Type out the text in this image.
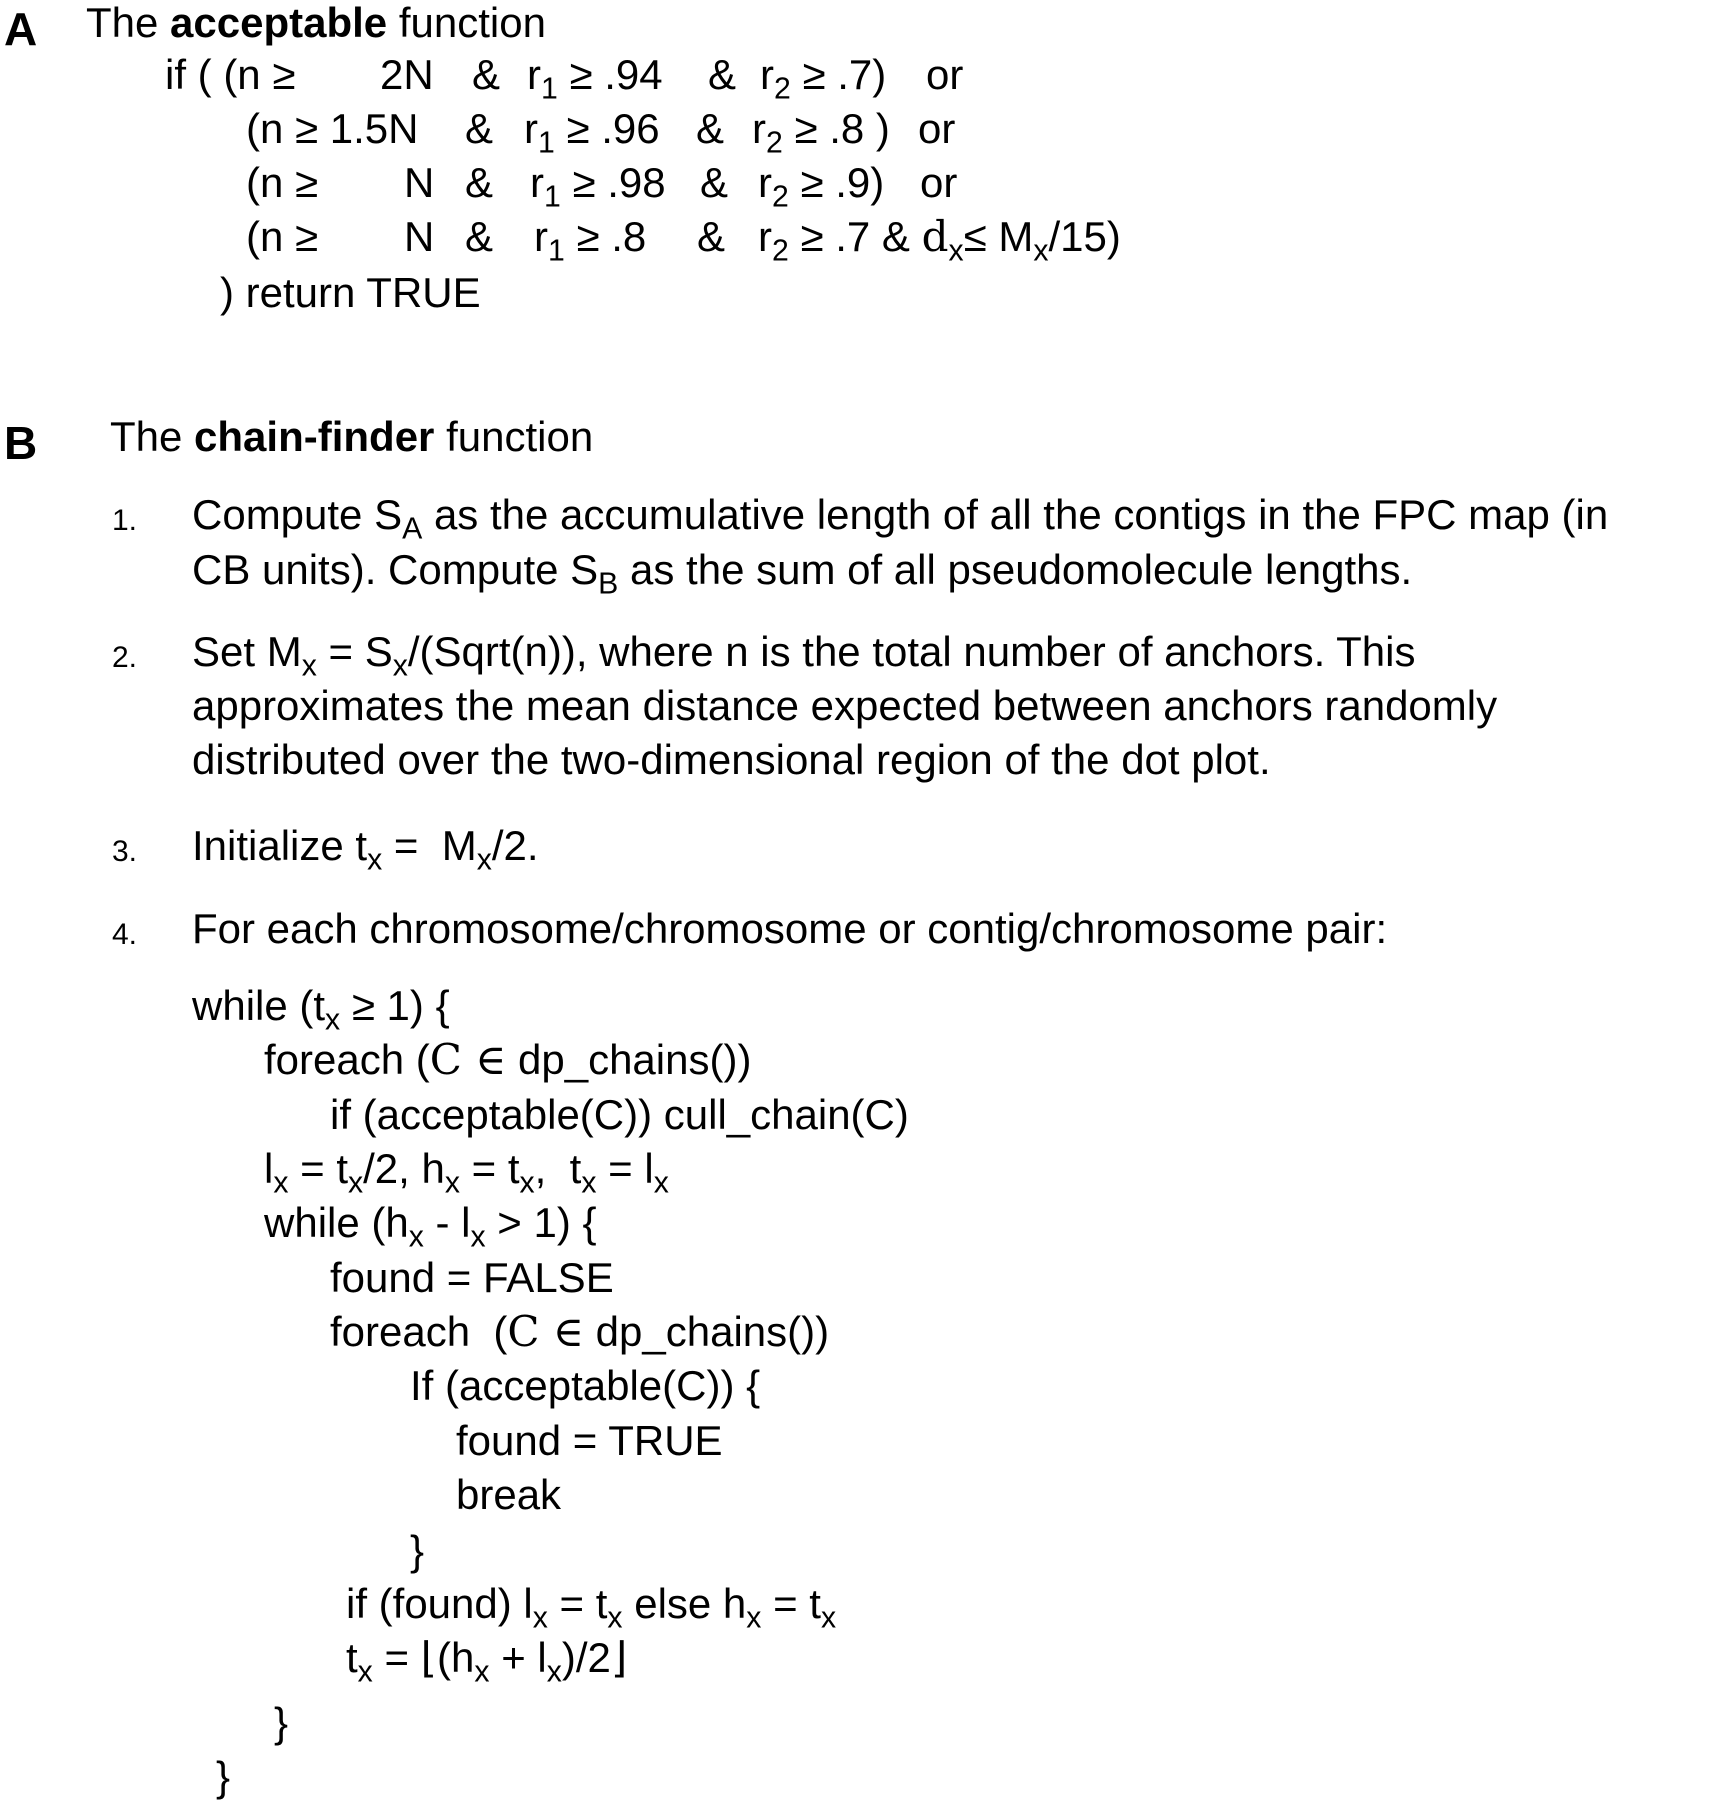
A The acceptable function
if ( (n ≥ 2N & $r_1 \ge .94$ & $r_2 \ge .7$) or
(n ≥ 1.5N & $r_1 \ge .96$ & $r_2 \ge .8$ ) or
(n ≥ N & $r_1 \ge .98$ & $r_2 \ge .9$) or
(n ≥ N & $r_1 \ge .8$ & $r_2 \ge .7$ & $d_x\le M_x/15$)
) return TRUE
B The chain-finder function
1. Compute $S_A$ as the accumulative length of all the contigs in the FPC map (in
CB units). Compute $S_B$ as the sum of all pseudomolecule lengths.
2. Set $M_x$ = $S_x/(Sqrt(n))$, where n is the total number of anchors. This
approximates the mean distance expected between anchors randomly
distributed over the two-dimensional region of the dot plot.
3. Initialize $t_x = M_x/2$.
4. For each chromosome/chromosome or contig/chromosome pair:
while $(t_x \ge 1)$ {
foreach (C ∈ dp_chains())
if (acceptable(C)) cull_chain(C)
$l_x = t_x/2$, $h_x = t_x$,  $t_x = l_x$
while $(h_x - l_x > 1)$ {
found = FALSE
foreach  (C ∈ dp_chains())
If (acceptable(C)) {
found = TRUE
break
}
if (found) $l_x = t_x$ else $h_x = t_x$
$t_x$ = $⌊(h_x$ + $l_x)/2⌋$
}
}
